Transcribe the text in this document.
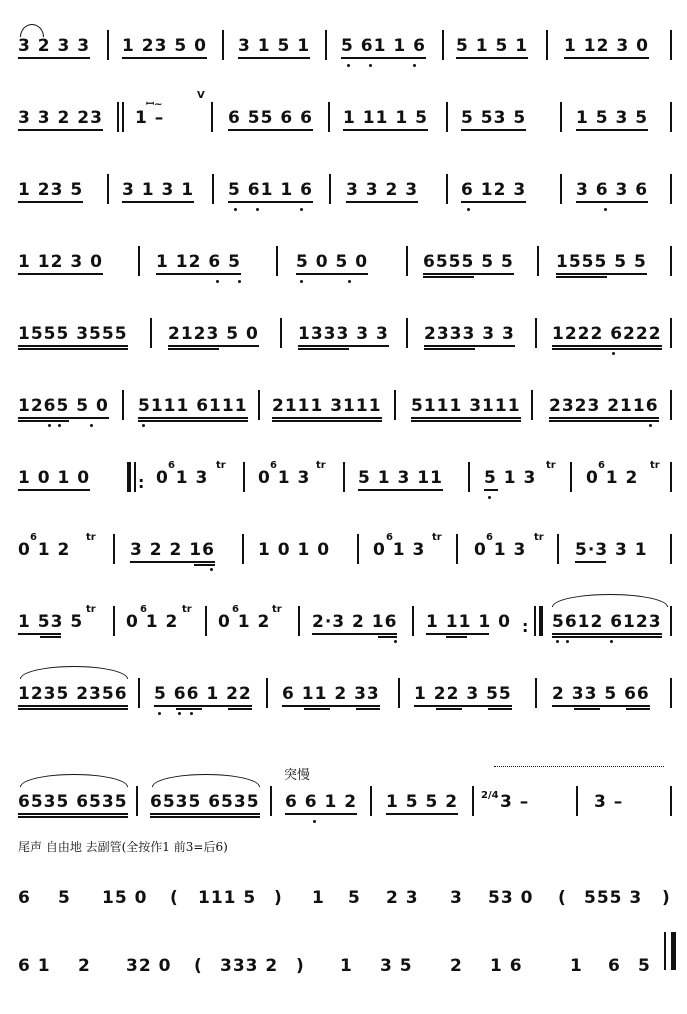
3 2 3 3 1 23 5 0 3 1 5 1 5 61 1 6 5 1 5 1 1 12 3 0
3 3 2 23 1 –
ꟷ~
V
6 55 6 6 1 11 1 5 5 53 5	1 5 3 5
1 23 5 3 1 3 1 5 61 1 6 3 3 2 3	6 12 3	3 6 3 6
1 12 3 0	1 12 6 5	5 0 5 0	6555 5 5 1555 5 5
1555 3555 2123 5 0 1333 3 3 2333 3 3 1222 6222
1265 5 0 5111 6111 2111 3111 5111 3111 2323 2116
1 0 1 0	:
6	tr
0 1 3
6	tr
0 1 3	5 1 3 11
tr
5 1 3
6	tr
0 1 2
6	tr
0 1 2	3 2 2 16	1 0 1 0
6	tr
0 1 3
6	tr
0 1 3	5·3 3 1
tr
1 53 5
6	tr
0 1 2
6	tr
0 1 2 2·3 2 16 1 11 1 0 : 5612 6123
1235 2356 5 66 1 22 6 11 2 33 1 22 3 55 2 33 5 66
突慢
6535 6535 6535 6535 6 6 1 2 1 5 5 2 2/4 3 –	3 –
尾声 自由地 去副管(全按作1 前3=后6)
6 5 15 0 ( 111 5 ) 1 5 2 3 3 53 0 ( 555 3 )
6 1 2 32 0 ( 333 2 ) 1 3 5 2 1 6	1 6 5
